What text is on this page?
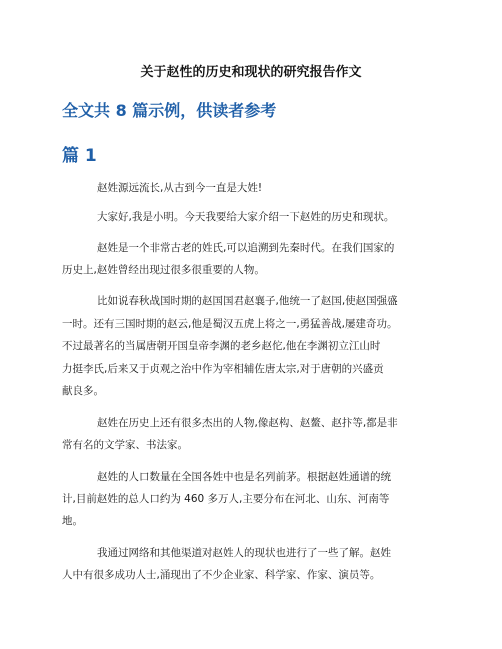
关于赵性的历史和现状的研究报告作文
全文共 8 篇示例，供读者参考
篇 1

赵姓源远流长,从古到今一直是大姓!

大家好,我是小明。今天我要给大家介绍一下赵姓的历史和现状。

赵姓是一个非常古老的姓氏,可以追溯到先秦时代。在我们国家的

历史上,赵姓曾经出现过很多很重要的人物。

比如说春秋战国时期的赵国国君赵襄子,他统一了赵国,使赵国强盛

一时。还有三国时期的赵云,他是蜀汉五虎上将之一,勇猛善战,屡建奇功。

不过最著名的当属唐朝开国皇帝李渊的老乡赵佗,他在李渊初立江山时

力挺李氏,后来又于贞观之治中作为宰相辅佐唐太宗,对于唐朝的兴盛贡

献良多。

赵姓在历史上还有很多杰出的人物,像赵构、赵鳌、赵抃等,都是非

常有名的文学家、书法家。

赵姓的人口数量在全国各姓中也是名列前茅。根据赵姓通谱的统

计,目前赵姓的总人口约为 460 多万人,主要分布在河北、山东、河南等

地。

我通过网络和其他渠道对赵姓人的现状也进行了一些了解。赵姓

人中有很多成功人士,涌现出了不少企业家、科学家、作家、演员等。
